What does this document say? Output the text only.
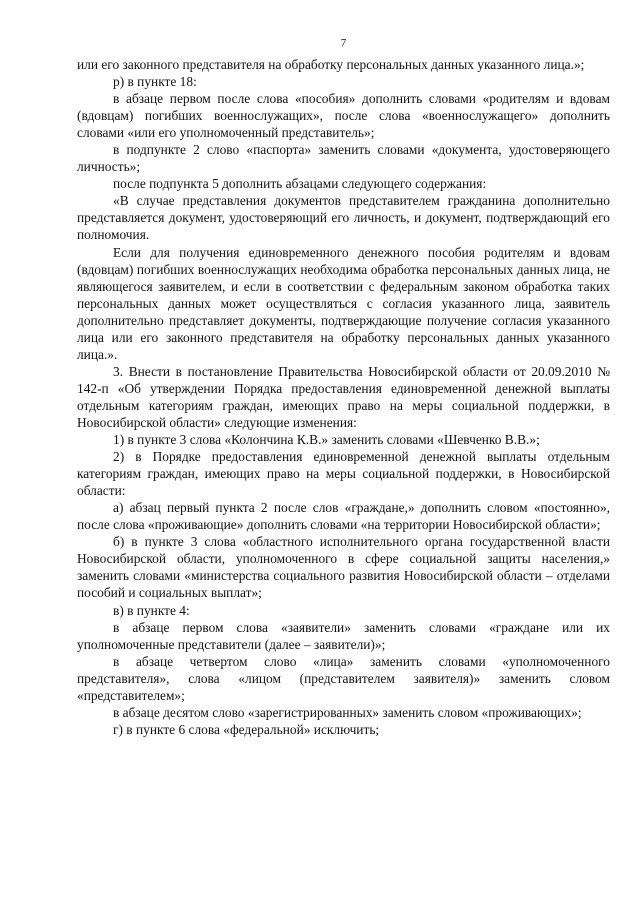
7

или его законного представителя на обработку персональных данных указанного лица.»;

р) в пункте 18:

в абзаце первом после слова «пособия» дополнить словами «родителям и вдовам (вдовцам) погибших военнослужащих», после слова «военнослужащего» дополнить словами «или его уполномоченный представитель»;

в подпункте 2 слово «паспорта» заменить словами «документа, удостоверяющего личность»;

после подпункта 5 дополнить абзацами следующего содержания:

«В случае представления документов представителем гражданина дополнительно представляется документ, удостоверяющий его личность, и документ, подтверждающий его полномочия.

Если для получения единовременного денежного пособия родителям и вдовам (вдовцам) погибших военнослужащих необходима обработка персональных данных лица, не являющегося заявителем, и если в соответствии с федеральным законом обработка таких персональных данных может осуществляться с согласия указанного лица, заявитель дополнительно представляет документы, подтверждающие получение согласия указанного лица или его законного представителя на обработку персональных данных указанного лица.».

3. Внести в постановление Правительства Новосибирской области от 20.09.2010 № 142-п «Об утверждении Порядка предоставления единовременной денежной выплаты отдельным категориям граждан, имеющих право на меры социальной поддержки, в Новосибирской области» следующие изменения:

1) в пункте 3 слова «Колончина К.В.» заменить словами «Шевченко В.В.»;

2) в Порядке предоставления единовременной денежной выплаты отдельным категориям граждан, имеющих право на меры социальной поддержки, в Новосибирской области:

а) абзац первый пункта 2 после слов «граждане,» дополнить словом «постоянно», после слова «проживающие» дополнить словами «на территории Новосибирской области»;

б) в пункте 3 слова «областного исполнительного органа государственной власти Новосибирской области, уполномоченного в сфере социальной защиты населения,» заменить словами «министерства социального развития Новосибирской области – отделами пособий и социальных выплат»;

в) в пункте 4:

в абзаце первом слова «заявители» заменить словами «граждане или их уполномоченные представители (далее – заявители)»;

в абзаце четвертом слово «лица» заменить словами «уполномоченного представителя», слова «лицом (представителем заявителя)» заменить словом «представителем»;

в абзаце десятом слово «зарегистрированных» заменить словом «проживающих»;

г) в пункте 6 слова «федеральной» исключить;
